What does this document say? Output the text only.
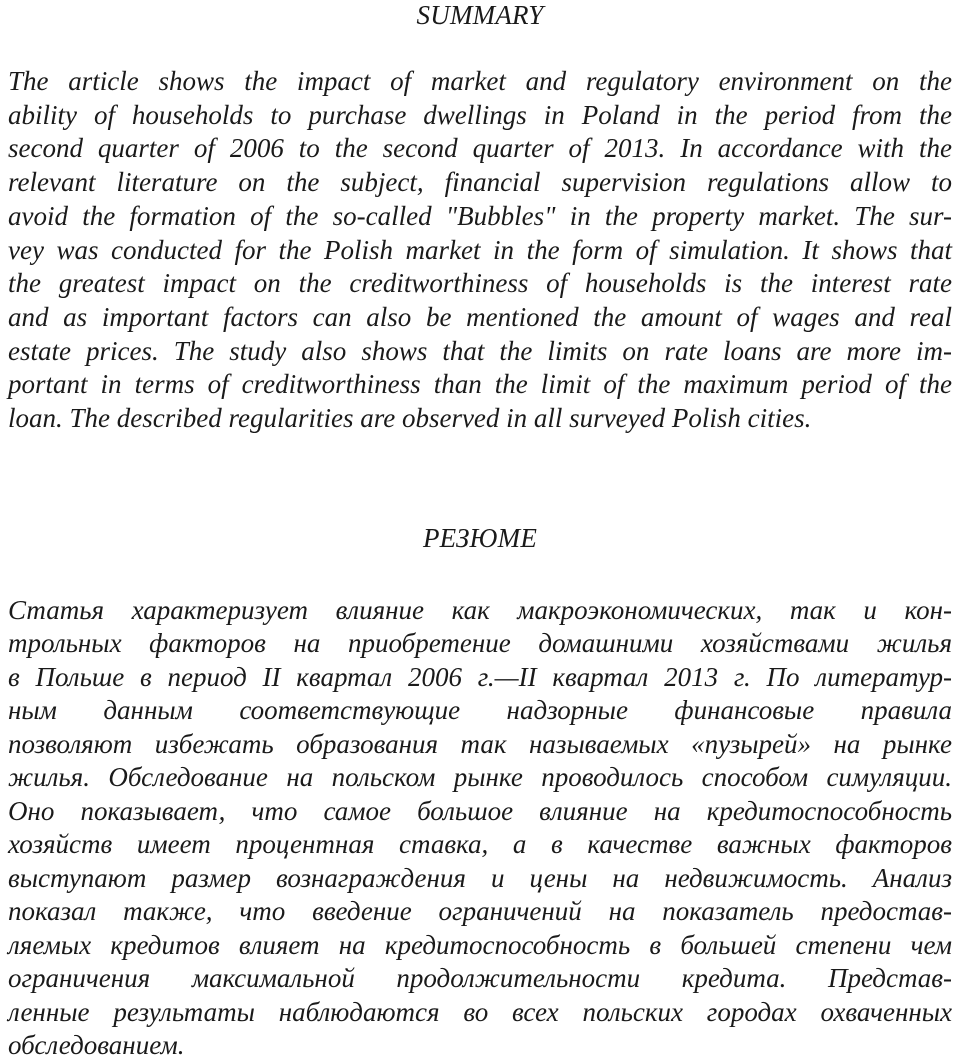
SUMMARY
The article shows the impact of market and regulatory environment on the
ability of households to purchase dwellings in Poland in the period from the
second quarter of 2006 to the second quarter of 2013. In accordance with the
relevant literature on the subject, financial supervision regulations allow to
avoid the formation of the so-called "Bubbles" in the property market. The sur-
vey was conducted for the Polish market in the form of simulation. It shows that
the greatest impact on the creditworthiness of households is the interest rate
and as important factors can also be mentioned the amount of wages and real
estate prices. The study also shows that the limits on rate loans are more im-
portant in terms of creditworthiness than the limit of the maximum period of the
loan. The described regularities are observed in all surveyed Polish cities.
РЕЗЮМЕ
Статья характеризует влияние как макроэкономических, так и кон-
трольных факторов на приобретение домашними хозяйствами жилья
в Польше в период II квартал 2006 г.—II квартал 2013 г. По литератур-
ным данным соответствующие надзорные финансовые правила
позволяют избежать образования так называемых «пузырей» на рынке
жилья. Обследование на польском рынке проводилось способом симуляции.
Оно показывает, что самое большое влияние на кредитоспособность
хозяйств имеет процентная ставка, а в качестве важных факторов
выступают размер вознаграждения и цены на недвижимость. Анализ
показал также, что введение ограничений на показатель предостав-
ляемых кредитов влияет на кредитоспособность в большей степени чем
ограничения максимальной продолжительности кредита. Представ-
ленные результаты наблюдаются во всех польских городах охваченных
обследованием.
